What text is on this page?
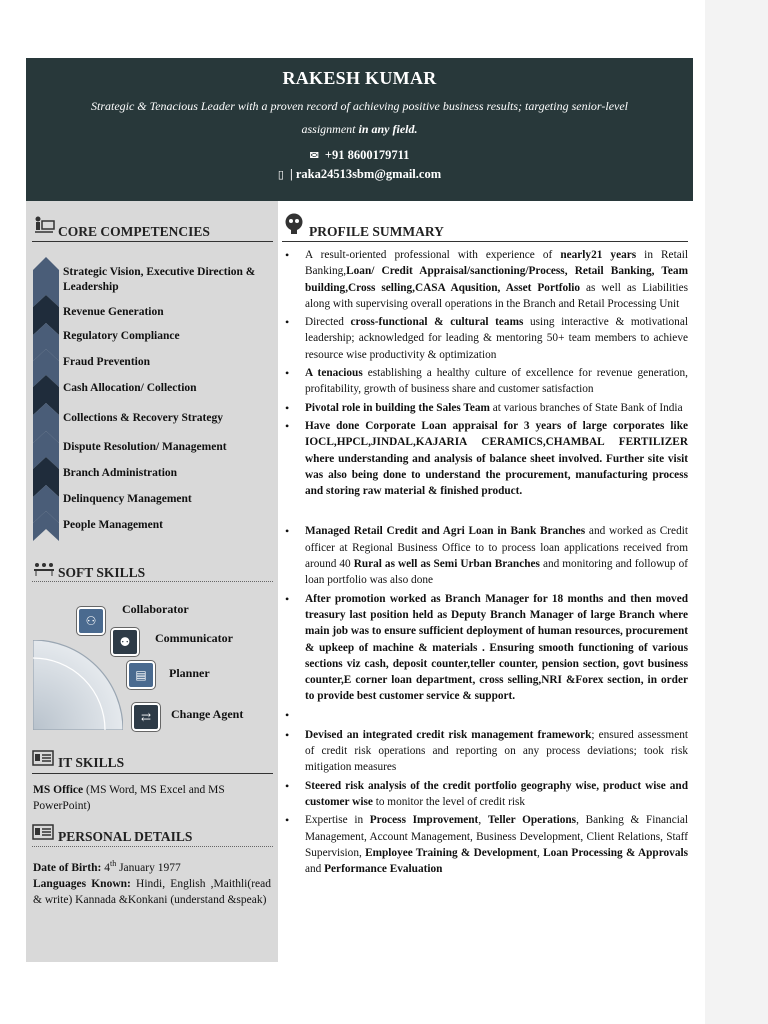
RAKESH KUMAR
Strategic & Tenacious Leader with a proven record of achieving positive business results; targeting senior-level assignment in any field.
✉ +91 8600179711
▯ | raka24513sbm@gmail.com
CORE COMPETENCIES
Strategic Vision, Executive Direction & Leadership
Revenue Generation
Regulatory Compliance
Fraud Prevention
Cash Allocation/ Collection
Collections & Recovery Strategy
Dispute Resolution/ Management
Branch Administration
Delinquency Management
People Management
SOFT SKILLS
⚇
⚉
▤
⇄
Collaborator
Communicator
Planner
Change Agent
IT SKILLS
MS Office (MS Word, MS Excel and MS PowerPoint)
PERSONAL DETAILS
Date of Birth: 4th January 1977
Languages Known: Hindi, English ,Maithli(read & write) Kannada &Konkani (understand &speak)
PROFILE SUMMARY
• A result-oriented professional with experience of nearly21 years in Retail Banking,Loan/ Credit Appraisal/sanctioning/Process, Retail Banking, Team building,Cross selling,CASA Aqusition, Asset Portfolio as well as Liabilities along with supervising overall operations in the Branch and Retail Processing Unit
• Directed cross-functional & cultural teams using interactive & motivational leadership; acknowledged for leading & mentoring 50+ team members to achieve resource wise productivity & optimization
• A tenacious establishing a healthy culture of excellence for revenue generation, profitability, growth of business share and customer satisfaction
• Pivotal role in building the Sales Team at various branches of State Bank of India
• Have done Corporate Loan appraisal for 3 years of large corporates like IOCL,HPCL,JINDAL,KAJARIA CERAMICS,CHAMBAL FERTILIZER where understanding and analysis of balance sheet involved. Further site visit was also being done to understand the procurement, manufacturing process and storing raw material & finished product.
• Managed Retail Credit and Agri Loan in Bank Branches and worked as Credit officer at Regional Business Office to to process loan applications received from around 40 Rural as well as Semi Urban Branches and monitoring and followup of loan portfolio was also done
• After promotion worked as Branch Manager for 18 months and then moved treasury last position held as Deputy Branch Manager of large Branch where main job was to ensure sufficient deployment of human resources, procurement & upkeep of machine & materials . Ensuring smooth functioning of various sections viz cash, deposit counter,teller counter, pension section, govt business counter,E corner loan department, cross selling,NRI &Forex section, in order to provide best customer service & support.
•
• Devised an integrated credit risk management framework; ensured assessment of credit risk operations and reporting on any process deviations; took risk mitigation measures
• Steered risk analysis of the credit portfolio geography wise, product wise and customer wise to monitor the level of credit risk
• Expertise in Process Improvement, Teller Operations, Banking & Financial Management, Account Management, Business Development, Client Relations, Staff Supervision, Employee Training & Development, Loan Processing & Approvals and Performance Evaluation
